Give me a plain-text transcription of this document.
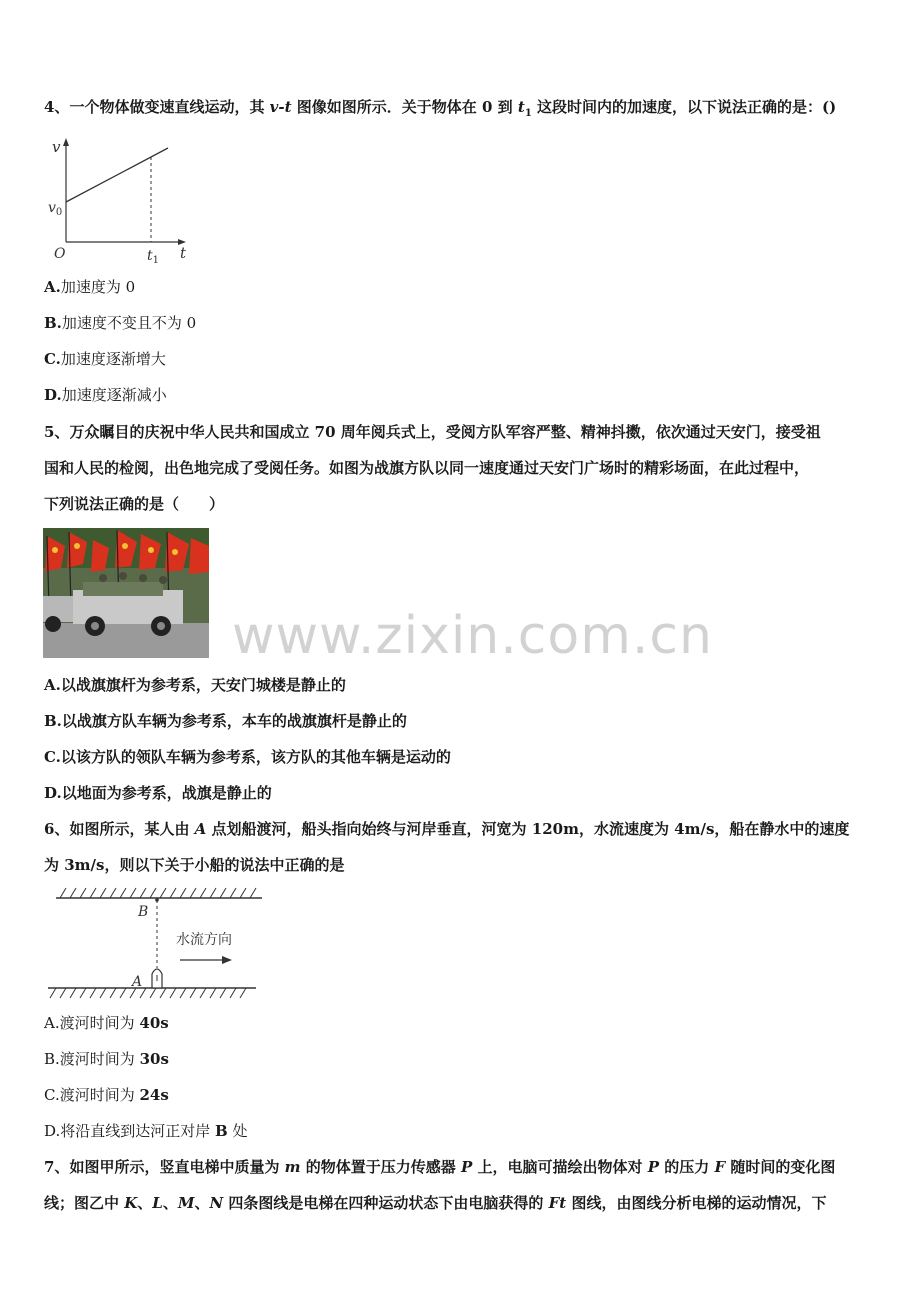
4、一个物体做变速直线运动，其 v-t 图像如图所示．关于物体在 0 到 $t_1$ 这段时间内的加速度，以下说法正确的是：()
v
t
O
$v_0$
$t_1$
A.加速度为 0
B.加速度不变且不为 0
C.加速度逐渐增大
D.加速度逐渐减小
5、万众瞩目的庆祝中华人民共和国成立 70 周年阅兵式上，受阅方队军容严整、精神抖擞，依次通过天安门，接受祖
国和人民的检阅，出色地完成了受阅任务。如图为战旗方队以同一速度通过天安门广场时的精彩场面，在此过程中，
下列说法正确的是（　　）
www.zixin.com.cn
A.以战旗旗杆为参考系，天安门城楼是静止的
B.以战旗方队车辆为参考系，本车的战旗旗杆是静止的
C.以该方队的领队车辆为参考系，该方队的其他车辆是运动的
D.以地面为参考系，战旗是静止的
6、如图所示，某人由 A 点划船渡河，船头指向始终与河岸垂直，河宽为 120m，水流速度为 4m/s，船在静水中的速度
为 3m/s，则以下关于小船的说法中正确的是
B
A
水流方向
A.渡河时间为 40s
B.渡河时间为 30s
C.渡河时间为 24s
D.将沿直线到达河正对岸 B 处
7、如图甲所示，竖直电梯中质量为 m 的物体置于压力传感器 P 上，电脑可描绘出物体对 P 的压力 F 随时间的变化图
线；图乙中 K、L、M、N 四条图线是电梯在四种运动状态下由电脑获得的 Ft 图线，由图线分析电梯的运动情况，下
